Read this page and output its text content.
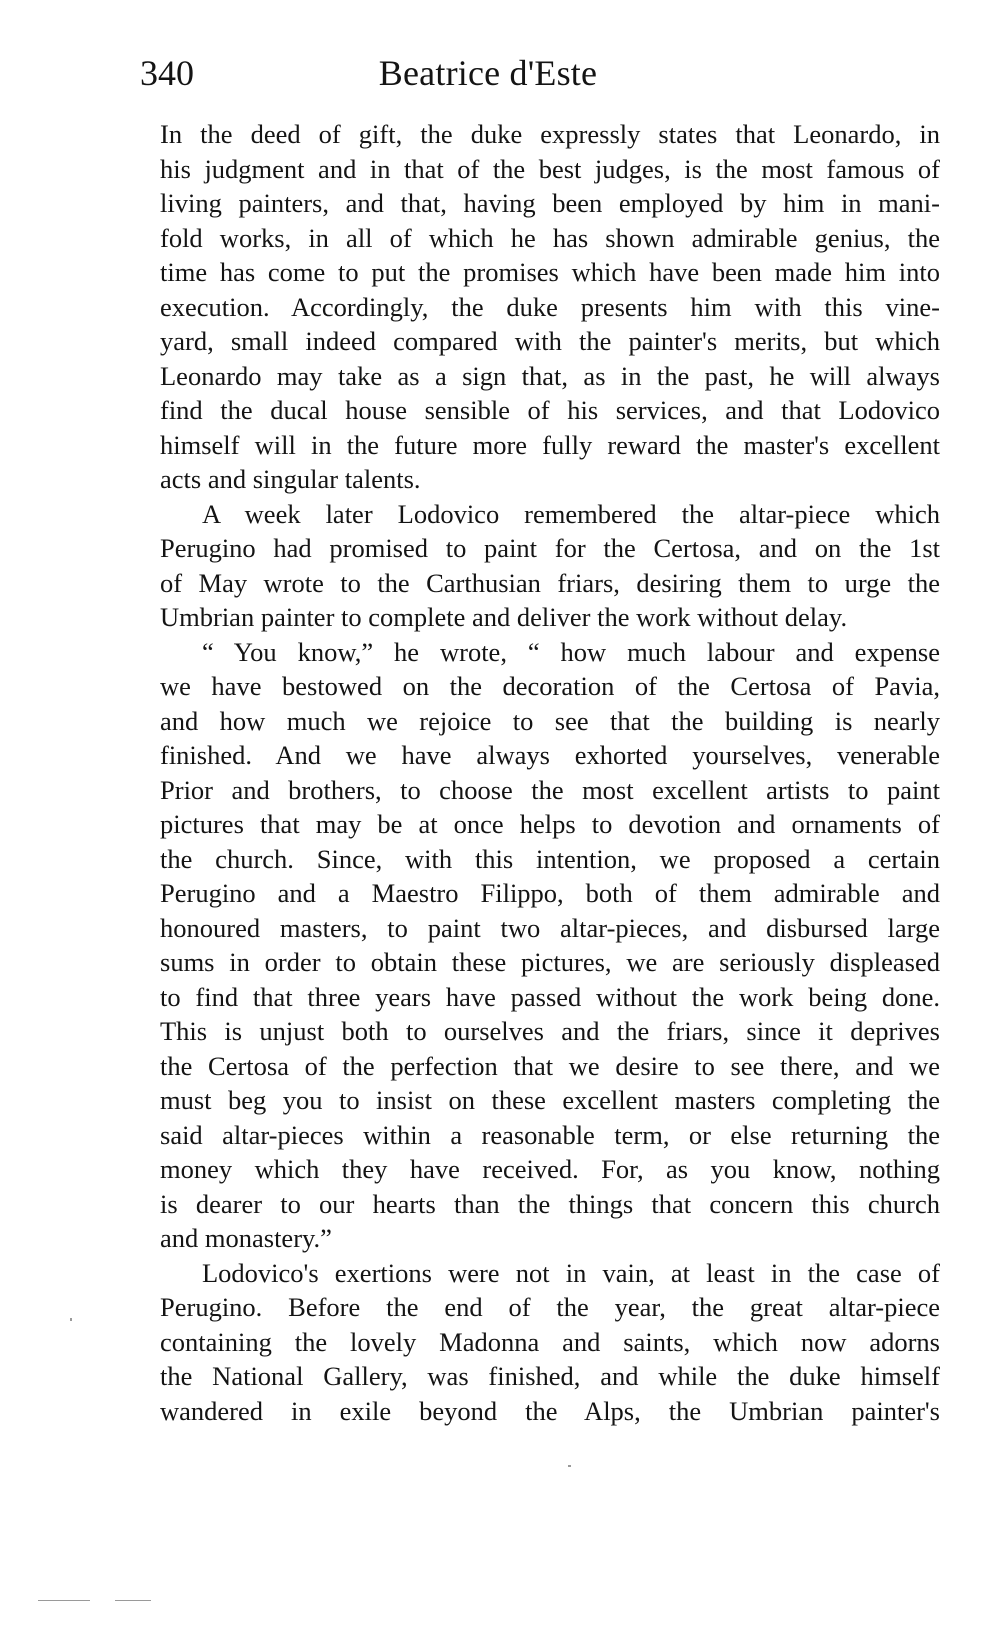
340	Beatrice d'Este
In the deed of gift, the duke expressly states that Leonardo, in
his judgment and in that of the best judges, is the most famous of
living painters, and that, having been employed by him in mani-
fold works, in all of which he has shown admirable genius, the
time has come to put the promises which have been made him into
execution. Accordingly, the duke presents him with this vine-
yard, small indeed compared with the painter's merits, but which
Leonardo may take as a sign that, as in the past, he will always
find the ducal house sensible of his services, and that Lodovico
himself will in the future more fully reward the master's excellent
acts and singular talents.
A week later Lodovico remembered the altar-piece which
Perugino had promised to paint for the Certosa, and on the 1st
of May wrote to the Carthusian friars, desiring them to urge the
Umbrian painter to complete and deliver the work without delay.
“ You know,” he wrote, “ how much labour and expense
we have bestowed on the decoration of the Certosa of Pavia,
and how much we rejoice to see that the building is nearly
finished. And we have always exhorted yourselves, venerable
Prior and brothers, to choose the most excellent artists to paint
pictures that may be at once helps to devotion and ornaments of
the church. Since, with this intention, we proposed a certain
Perugino and a Maestro Filippo, both of them admirable and
honoured masters, to paint two altar-pieces, and disbursed large
sums in order to obtain these pictures, we are seriously displeased
to find that three years have passed without the work being done.
This is unjust both to ourselves and the friars, since it deprives
the Certosa of the perfection that we desire to see there, and we
must beg you to insist on these excellent masters completing the
said altar-pieces within a reasonable term, or else returning the
money which they have received. For, as you know, nothing
is dearer to our hearts than the things that concern this church
and monastery.”
Lodovico's exertions were not in vain, at least in the case of
Perugino. Before the end of the year, the great altar-piece
containing the lovely Madonna and saints, which now adorns
the National Gallery, was finished, and while the duke himself
wandered in exile beyond the Alps, the Umbrian painter's
